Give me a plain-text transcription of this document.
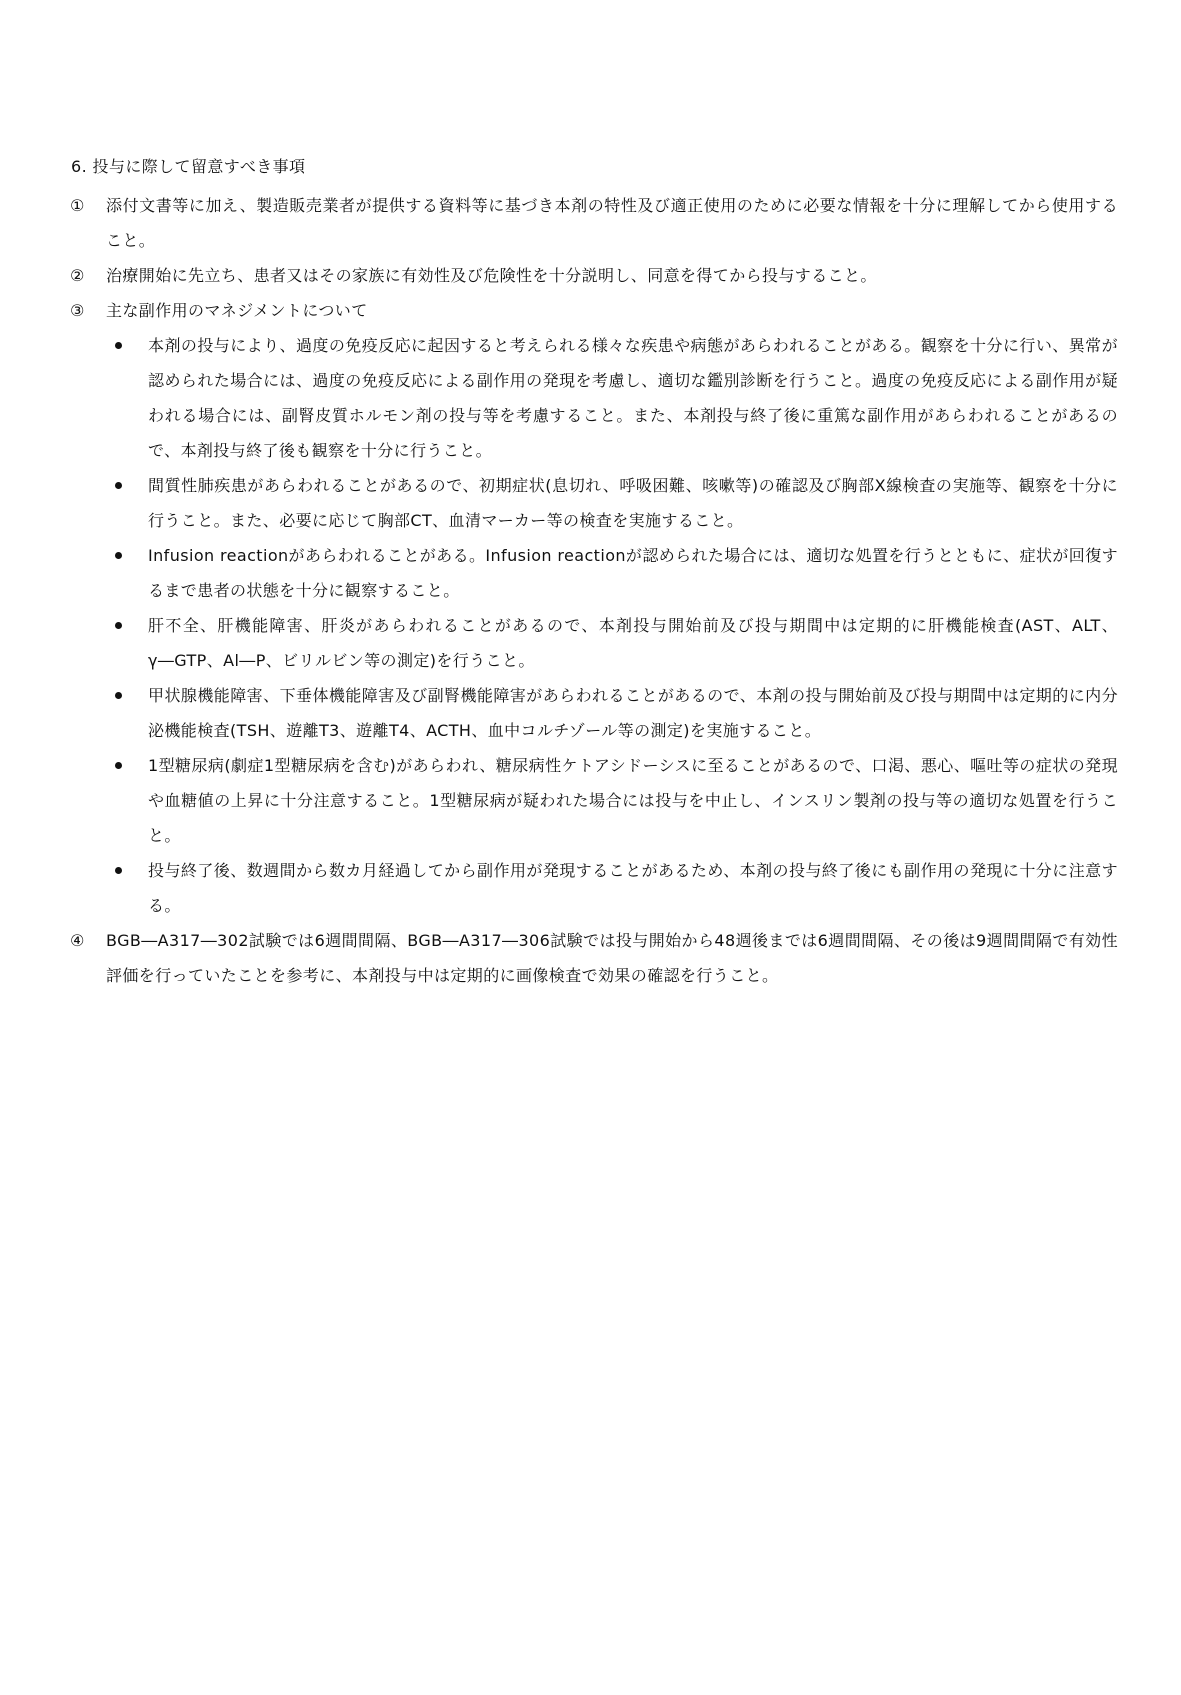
6. 投与に際して留意すべき事項

①	添付文書等に加え、製造販売業者が提供する資料等に基づき本剤の特性及び適正使用のために必要な情報を十分に理解してから使用すること。
②	治療開始に先立ち、患者又はその家族に有効性及び危険性を十分説明し、同意を得てから投与すること。
③	主な副作用のマネジメントについて
本剤の投与により、過度の免疫反応に起因すると考えられる様々な疾患や病態があらわれることがある。観察を十分に行い、異常が認められた場合には、過度の免疫反応による副作用の発現を考慮し、適切な鑑別診断を行うこと。過度の免疫反応による副作用が疑われる場合には、副腎皮質ホルモン剤の投与等を考慮すること。また、本剤投与終了後に重篤な副作用があらわれることがあるので、本剤投与終了後も観察を十分に行うこと。
間質性肺疾患があらわれることがあるので、初期症状(息切れ、呼吸困難、咳嗽等)の確認及び胸部X線検査の実施等、観察を十分に行うこと。また、必要に応じて胸部CT、血清マーカー等の検査を実施すること。
Infusion reactionがあらわれることがある。Infusion reactionが認められた場合には、適切な処置を行うとともに、症状が回復するまで患者の状態を十分に観察すること。
肝不全、肝機能障害、肝炎があらわれることがあるので、本剤投与開始前及び投与期間中は定期的に肝機能検査(AST、ALT、γ―GTP、Al―P、ビリルビン等の測定)を行うこと。
甲状腺機能障害、下垂体機能障害及び副腎機能障害があらわれることがあるので、本剤の投与開始前及び投与期間中は定期的に内分泌機能検査(TSH、遊離T3、遊離T4、ACTH、血中コルチゾール等の測定)を実施すること。
1型糖尿病(劇症1型糖尿病を含む)があらわれ、糖尿病性ケトアシドーシスに至ることがあるので、口渇、悪心、嘔吐等の症状の発現や血糖値の上昇に十分注意すること。1型糖尿病が疑われた場合には投与を中止し、インスリン製剤の投与等の適切な処置を行うこと。
投与終了後、数週間から数カ月経過してから副作用が発現することがあるため、本剤の投与終了後にも副作用の発現に十分に注意する。
④	BGB―A317―302試験では6週間間隔、BGB―A317―306試験では投与開始から48週後までは6週間間隔、その後は9週間間隔で有効性評価を行っていたことを参考に、本剤投与中は定期的に画像検査で効果の確認を行うこと。
